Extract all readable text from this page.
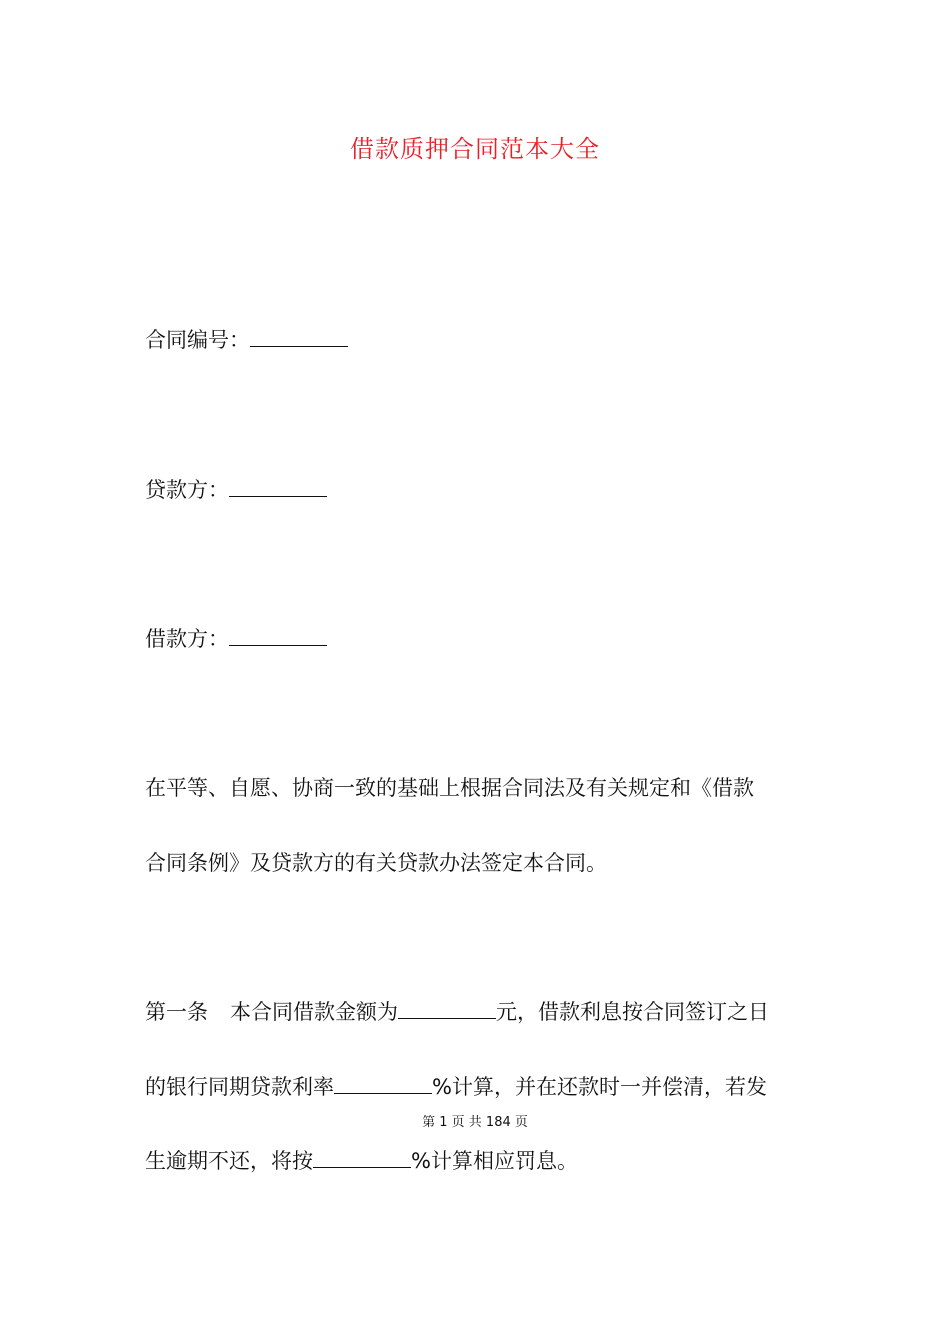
借款质押合同范本大全
合同编号：
贷款方：
借款方：
在平等、自愿、协商一致的基础上根据合同法及有关规定和《借款
合同条例》及贷款方的有关贷款办法签定本合同。
第一条 本合同借款金额为	元，借款利息按合同签订之日
的银行同期贷款利率	%计算，并在还款时一并偿清，若发
第 1 页 共 184 页
生逾期不还，将按	%计算相应罚息。
